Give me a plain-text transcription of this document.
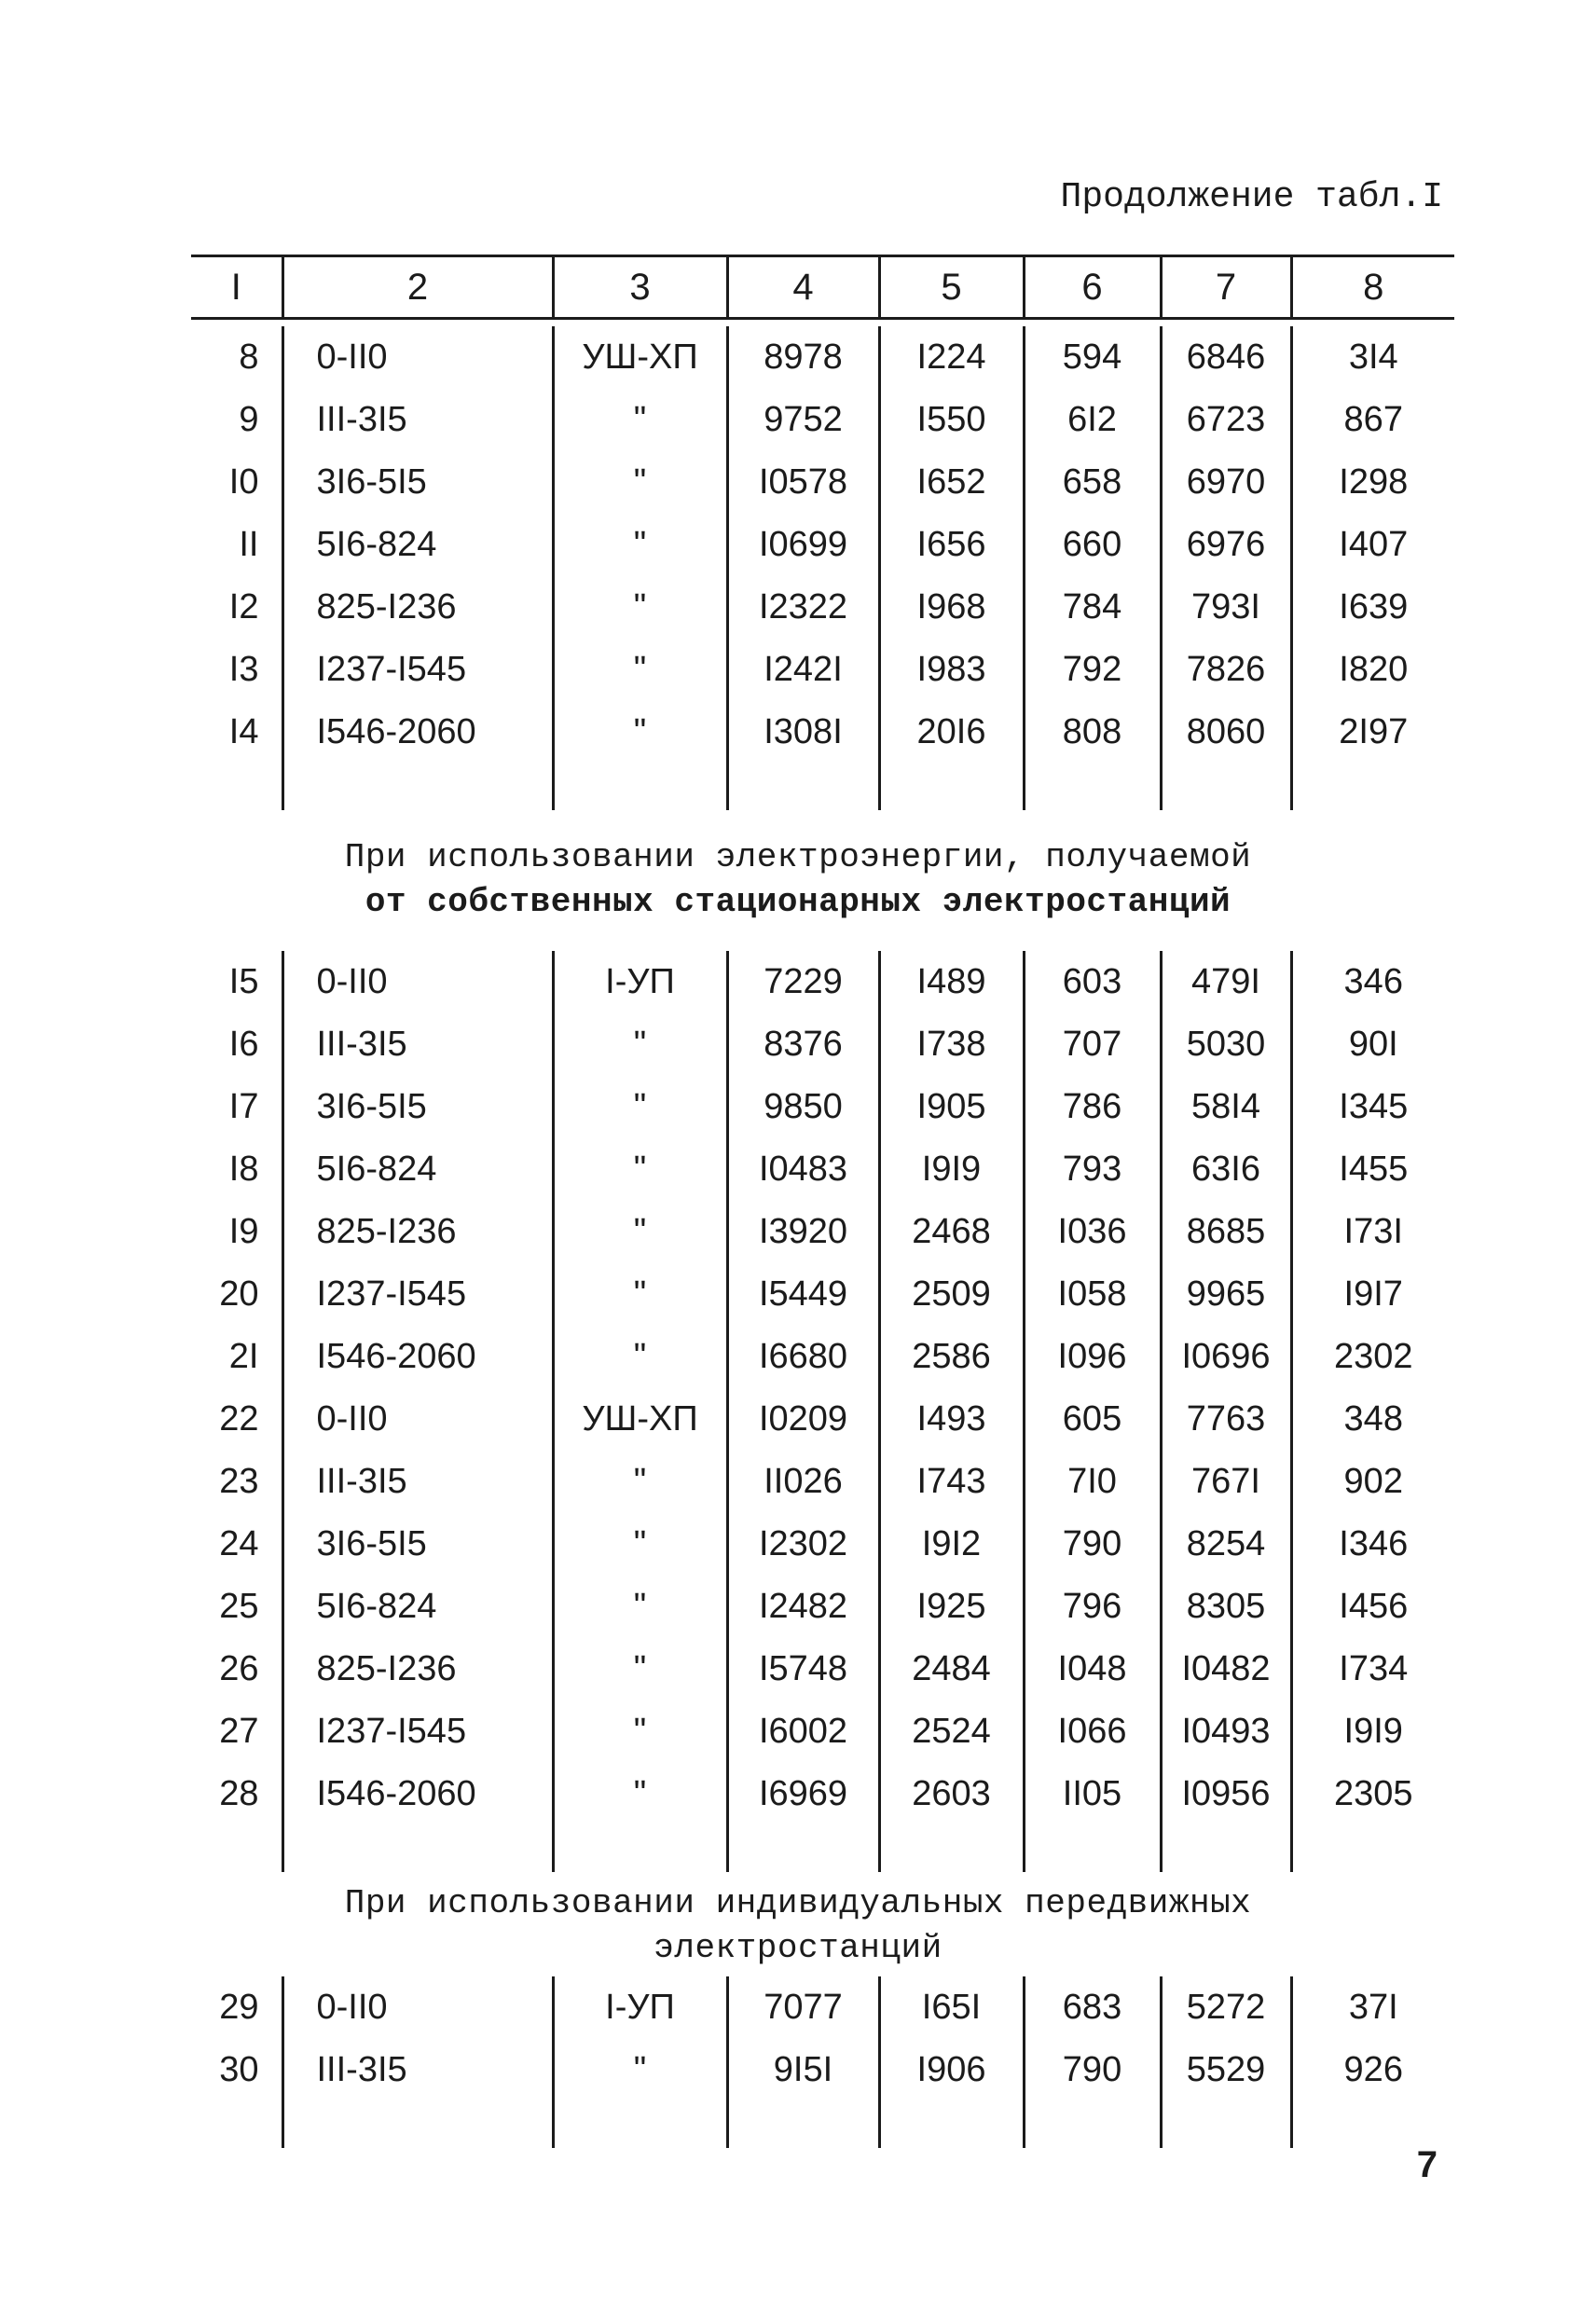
Продолжение табл.I
I	2	3	4	5	6	7	8
8	0-II0	УШ-ХП	8978	I224	594	6846	3I4
9	III-3I5	"	9752	I550	6I2	6723	867
I0	3I6-5I5	"	I0578	I652	658	6970	I298
II	5I6-824	"	I0699	I656	660	6976	I407
I2	825-I236	"	I2322	I968	784	793I	I639
I3	I237-I545	"	I242I	I983	792	7826	I820
I4	I546-2060	"	I308I	20I6	808	8060	2I97

При использовании электроэнергии, получаемой
от собственных стационарных электростанций
I5	0-II0	I-УП	7229	I489	603	479I	346
I6	III-3I5	"	8376	I738	707	5030	90I
I7	3I6-5I5	"	9850	I905	786	58I4	I345
I8	5I6-824	"	I0483	I9I9	793	63I6	I455
I9	825-I236	"	I3920	2468	I036	8685	I73I
20	I237-I545	"	I5449	2509	I058	9965	I9I7
2I	I546-2060	"	I6680	2586	I096	I0696	2302
22	0-II0	УШ-ХП	I0209	I493	605	7763	348
23	III-3I5	"	II026	I743	7I0	767I	902
24	3I6-5I5	"	I2302	I9I2	790	8254	I346
25	5I6-824	"	I2482	I925	796	8305	I456
26	825-I236	"	I5748	2484	I048	I0482	I734
27	I237-I545	"	I6002	2524	I066	I0493	I9I9
28	I546-2060	"	I6969	2603	II05	I0956	2305

При использовании индивидуальных передвижных
электростанций
29	0-II0	I-УП	7077	I65I	683	5272	37I
30	III-3I5	"	9I5I	I906	790	5529	926

7
